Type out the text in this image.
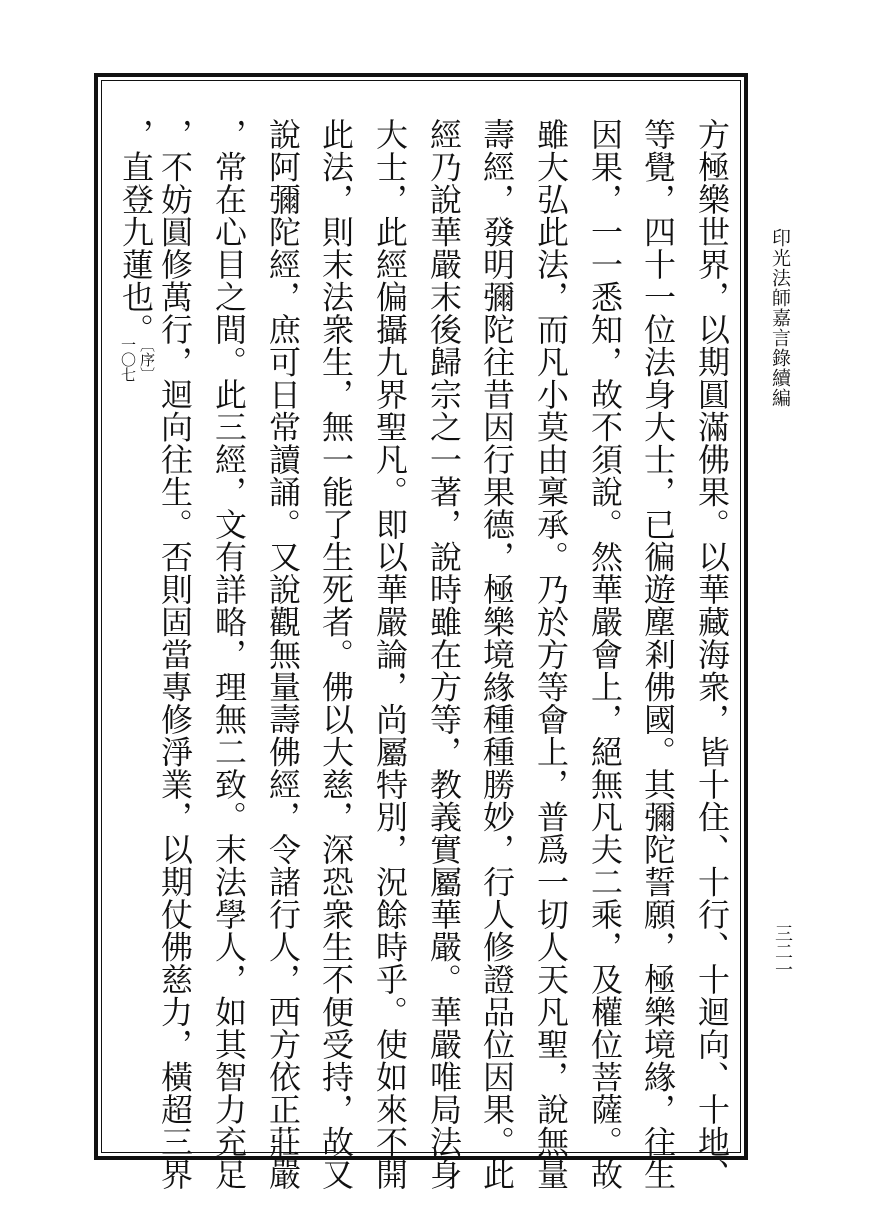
印光法師嘉言錄續編
三二一
方極樂世界，以期圓滿佛果。以華藏海衆，皆十住、十行、十迴向、十地、
等覺，四十一位法身大士，已徧遊塵剎佛國。其彌陀誓願，極樂境緣，往生
因果，一一悉知，故不須說。然華嚴會上，絕無凡夫二乘，及權位菩薩。故
雖大弘此法，而凡小莫由稟承。乃於方等會上，普爲一切人天凡聖，說無量
壽經，發明彌陀往昔因行果德，極樂境緣種種勝妙，行人修證品位因果。此
經乃說華嚴末後歸宗之一著，說時雖在方等，教義實屬華嚴。華嚴唯局法身
大士，此經偏攝九界聖凡。即以華嚴論，尚屬特別，況餘時乎。使如來不開
此法，則末法衆生，無一能了生死者。佛以大慈，深恐衆生不便受持，故又
說阿彌陀經，庶可日常讀誦。又說觀無量壽佛經，令諸行人，西方依正莊嚴
，常在心目之間。此三經，文有詳略，理無二致。末法學人，如其智力充足
，不妨圓修萬行，迴向往生。否則固當專修淨業，以期仗佛慈力，橫超三界
，直登九蓮也。
〔序〕
一〇七
